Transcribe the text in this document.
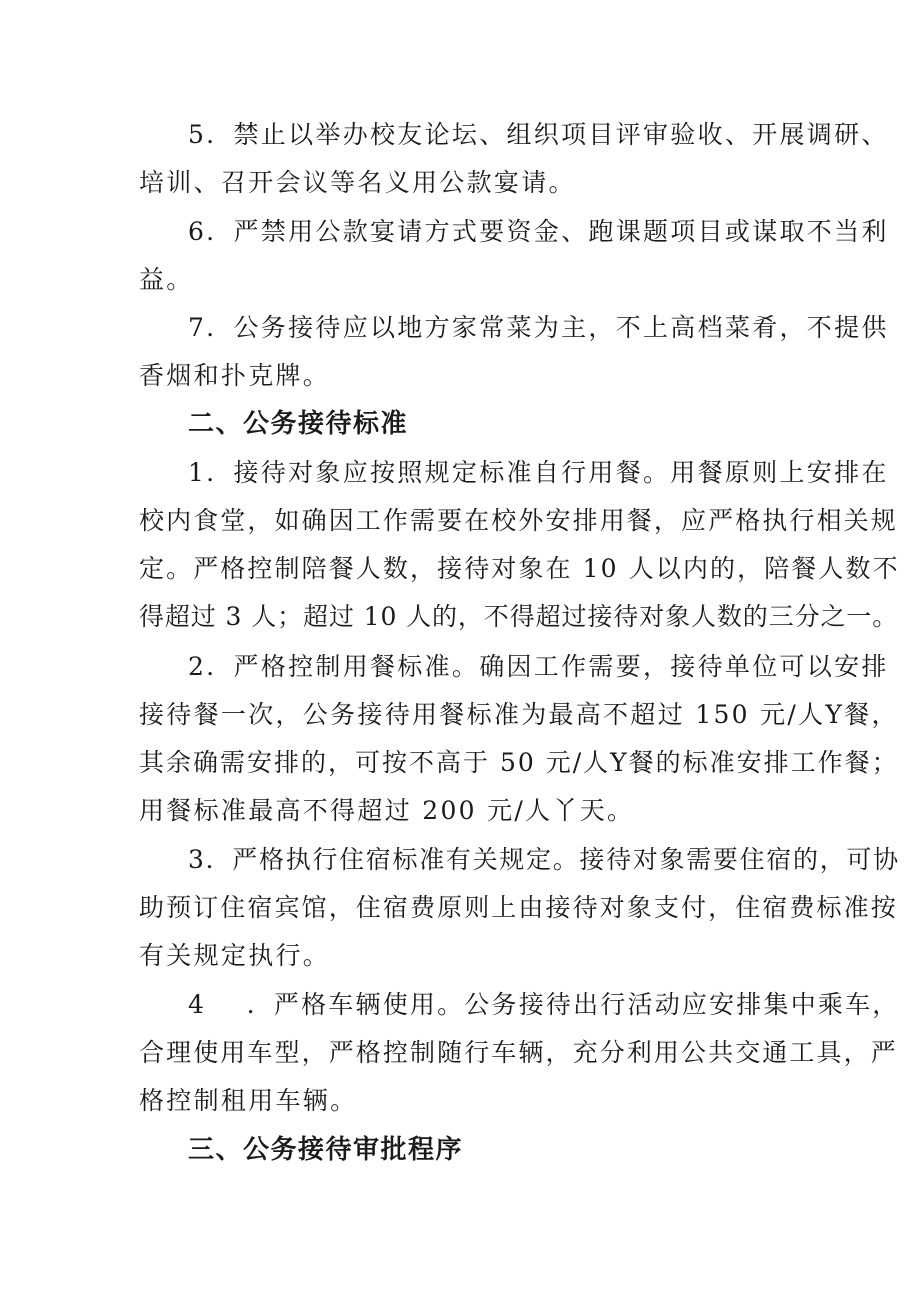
5．禁止以举办校友论坛、组织项目评审验收、开展调研、
培训、召开会议等名义用公款宴请。
6．严禁用公款宴请方式要资金、跑课题项目或谋取不当利
益。
7．公务接待应以地方家常菜为主，不上高档菜肴，不提供
香烟和扑克牌。
二、公务接待标准
1．接待对象应按照规定标准自行用餐。用餐原则上安排在
校内食堂，如确因工作需要在校外安排用餐，应严格执行相关规
定。严格控制陪餐人数，接待对象在 10 人以内的，陪餐人数不
得超过 3 人；超过 10 人的，不得超过接待对象人数的三分之一。
2．严格控制用餐标准。确因工作需要，接待单位可以安排
接待餐一次，公务接待用餐标准为最高不超过 150 元/人Y餐，
其余确需安排的，可按不高于 50 元/人Y餐的标准安排工作餐；
用餐标准最高不得超过 200 元/人丫天。
3．严格执行住宿标准有关规定。接待对象需要住宿的，可协
助预订住宿宾馆，住宿费原则上由接待对象支付，住宿费标准按
有关规定执行。
4    ．严格车辆使用。公务接待出行活动应安排集中乘车，
合理使用车型，严格控制随行车辆，充分利用公共交通工具，严
格控制租用车辆。
三、公务接待审批程序
